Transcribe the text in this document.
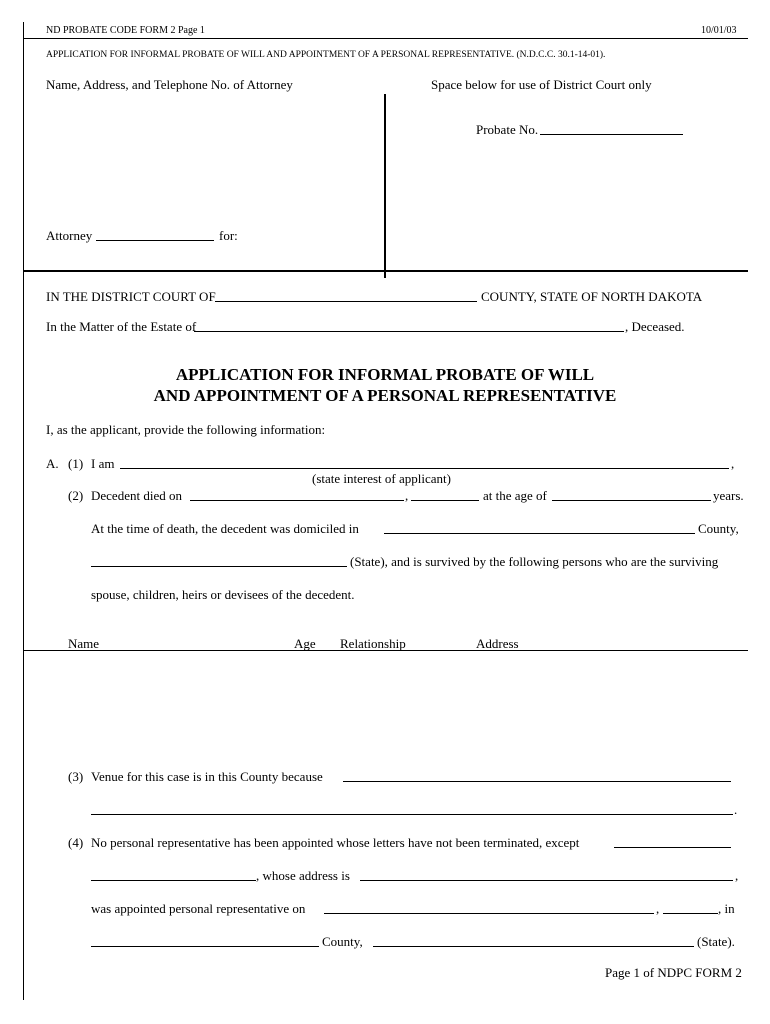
ND PROBATE CODE FORM 2 Page 1	10/01/03
APPLICATION FOR INFORMAL PROBATE OF WILL AND APPOINTMENT OF A PERSONAL REPRESENTATIVE. (N.D.C.C. 30.1-14-01).
Name, Address, and Telephone No. of Attorney
Attorney	for:
Space below for use of District Court only
Probate No.
IN THE DISTRICT COURT OF	COUNTY, STATE OF NORTH DAKOTA
In the Matter of the Estate of	, Deceased.
APPLICATION FOR INFORMAL PROBATE OF WILL
AND APPOINTMENT OF A PERSONAL REPRESENTATIVE
I, as the applicant, provide the following information:
A. (1) I am	,
(state interest of applicant)
(2) Decedent died on	,	at the age of	years.
At the time of death, the decedent was domiciled in	County,
(State), and is survived by the following persons who are the surviving
spouse, children, heirs or devisees of the decedent.
Name	Age Relationship	Address
(3) Venue for this case is in this County because
.
(4) No personal representative has been appointed whose letters have not been terminated, except
, whose address is	,
was appointed personal representative on	,	, in
County,	(State).
Page 1 of NDPC FORM 2
